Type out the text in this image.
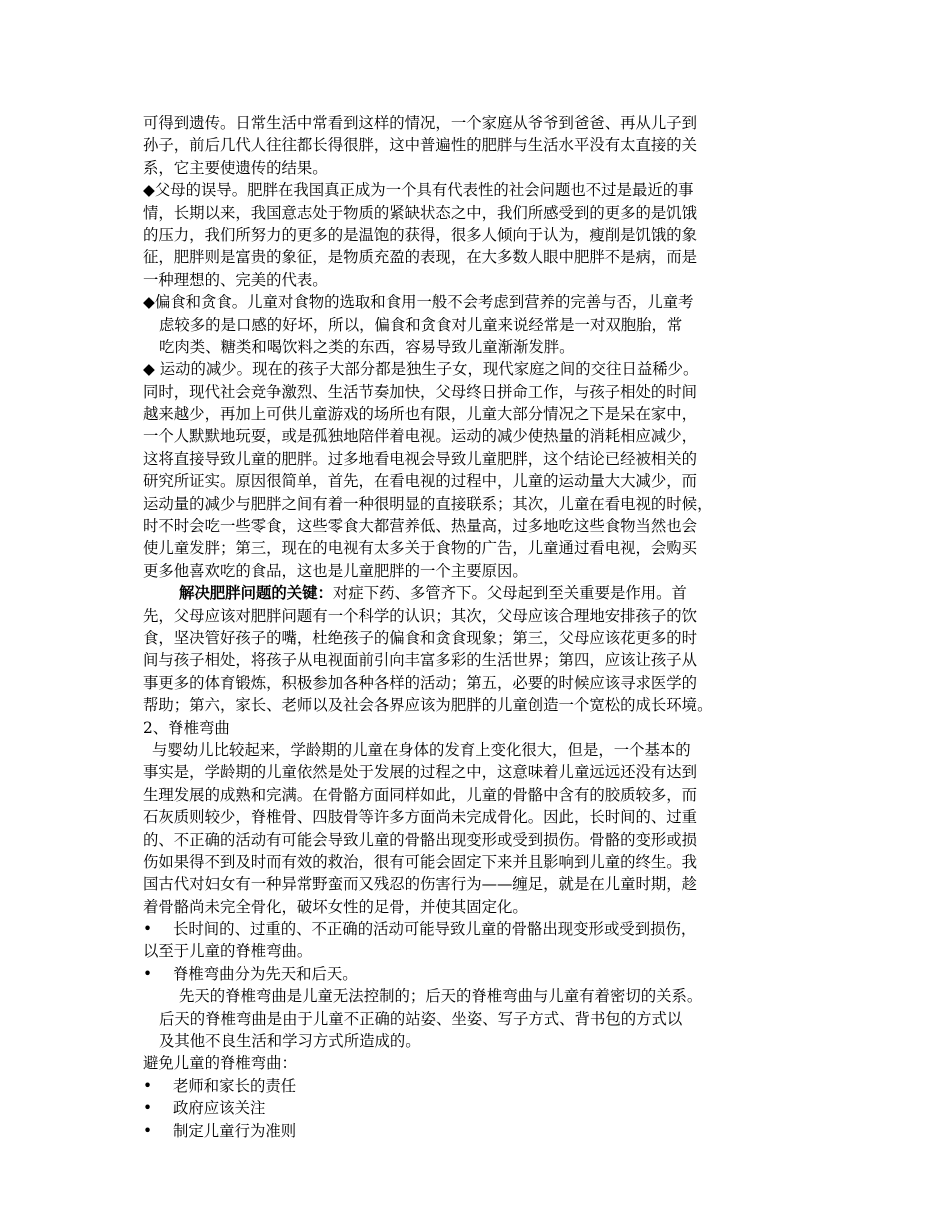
可得到遗传。日常生活中常看到这样的情况，一个家庭从爷爷到爸爸、再从儿子到
孙子，前后几代人往往都长得很胖，这中普遍性的肥胖与生活水平没有太直接的关
系，它主要使遗传的结果。
◆父母的误导。肥胖在我国真正成为一个具有代表性的社会问题也不过是最近的事
情，长期以来，我国意志处于物质的紧缺状态之中，我们所感受到的更多的是饥饿
的压力，我们所努力的更多的是温饱的获得，很多人倾向于认为，瘦削是饥饿的象
征，肥胖则是富贵的象征，是物质充盈的表现，在大多数人眼中肥胖不是病，而是
一种理想的、完美的代表。
◆偏食和贪食。儿童对食物的选取和食用一般不会考虑到营养的完善与否，儿童考
虑较多的是口感的好坏，所以，偏食和贪食对儿童来说经常是一对双胞胎，常
吃肉类、糖类和喝饮料之类的东西，容易导致儿童渐渐发胖。
◆ 运动的减少。现在的孩子大部分都是独生子女，现代家庭之间的交往日益稀少。
同时，现代社会竞争激烈、生活节奏加快，父母终日拼命工作，与孩子相处的时间
越来越少，再加上可供儿童游戏的场所也有限，儿童大部分情况之下是呆在家中，
一个人默默地玩耍，或是孤独地陪伴着电视。运动的减少使热量的消耗相应减少，
这将直接导致儿童的肥胖。过多地看电视会导致儿童肥胖，这个结论已经被相关的
研究所证实。原因很简单，首先，在看电视的过程中，儿童的运动量大大减少，而
运动量的减少与肥胖之间有着一种很明显的直接联系；其次，儿童在看电视的时候，
时不时会吃一些零食，这些零食大都营养低、热量高，过多地吃这些食物当然也会
使儿童发胖；第三，现在的电视有太多关于食物的广告，儿童通过看电视，会购买
更多他喜欢吃的食品，这也是儿童肥胖的一个主要原因。
解决肥胖问题的关键：对症下药、多管齐下。父母起到至关重要是作用。首
先，父母应该对肥胖问题有一个科学的认识；其次，父母应该合理地安排孩子的饮
食，坚决管好孩子的嘴，杜绝孩子的偏食和贪食现象；第三，父母应该花更多的时
间与孩子相处，将孩子从电视面前引向丰富多彩的生活世界；第四，应该让孩子从
事更多的体育锻炼，积极参加各种各样的活动；第五，必要的时候应该寻求医学的
帮助；第六，家长、老师以及社会各界应该为肥胖的儿童创造一个宽松的成长环境。
2、脊椎弯曲
与婴幼儿比较起来，学龄期的儿童在身体的发育上变化很大，但是，一个基本的
事实是，学龄期的儿童依然是处于发展的过程之中，这意味着儿童远远还没有达到
生理发展的成熟和完满。在骨骼方面同样如此，儿童的骨骼中含有的胶质较多，而
石灰质则较少，脊椎骨、四肢骨等许多方面尚未完成骨化。因此，长时间的、过重
的、不正确的活动有可能会导致儿童的骨骼出现变形或受到损伤。骨骼的变形或损
伤如果得不到及时而有效的救治，很有可能会固定下来并且影响到儿童的终生。我
国古代对妇女有一种异常野蛮而又残忍的伤害行为——缠足，就是在儿童时期，趁
着骨骼尚未完全骨化，破坏女性的足骨，并使其固定化。
• 长时间的、过重的、不正确的活动可能导致儿童的骨骼出现变形或受到损伤，
以至于儿童的脊椎弯曲。
• 脊椎弯曲分为先天和后天。
先天的脊椎弯曲是儿童无法控制的；后天的脊椎弯曲与儿童有着密切的关系。
后天的脊椎弯曲是由于儿童不正确的站姿、坐姿、写子方式、背书包的方式以
及其他不良生活和学习方式所造成的。
避免儿童的脊椎弯曲：
• 老师和家长的责任
• 政府应该关注
• 制定儿童行为准则
